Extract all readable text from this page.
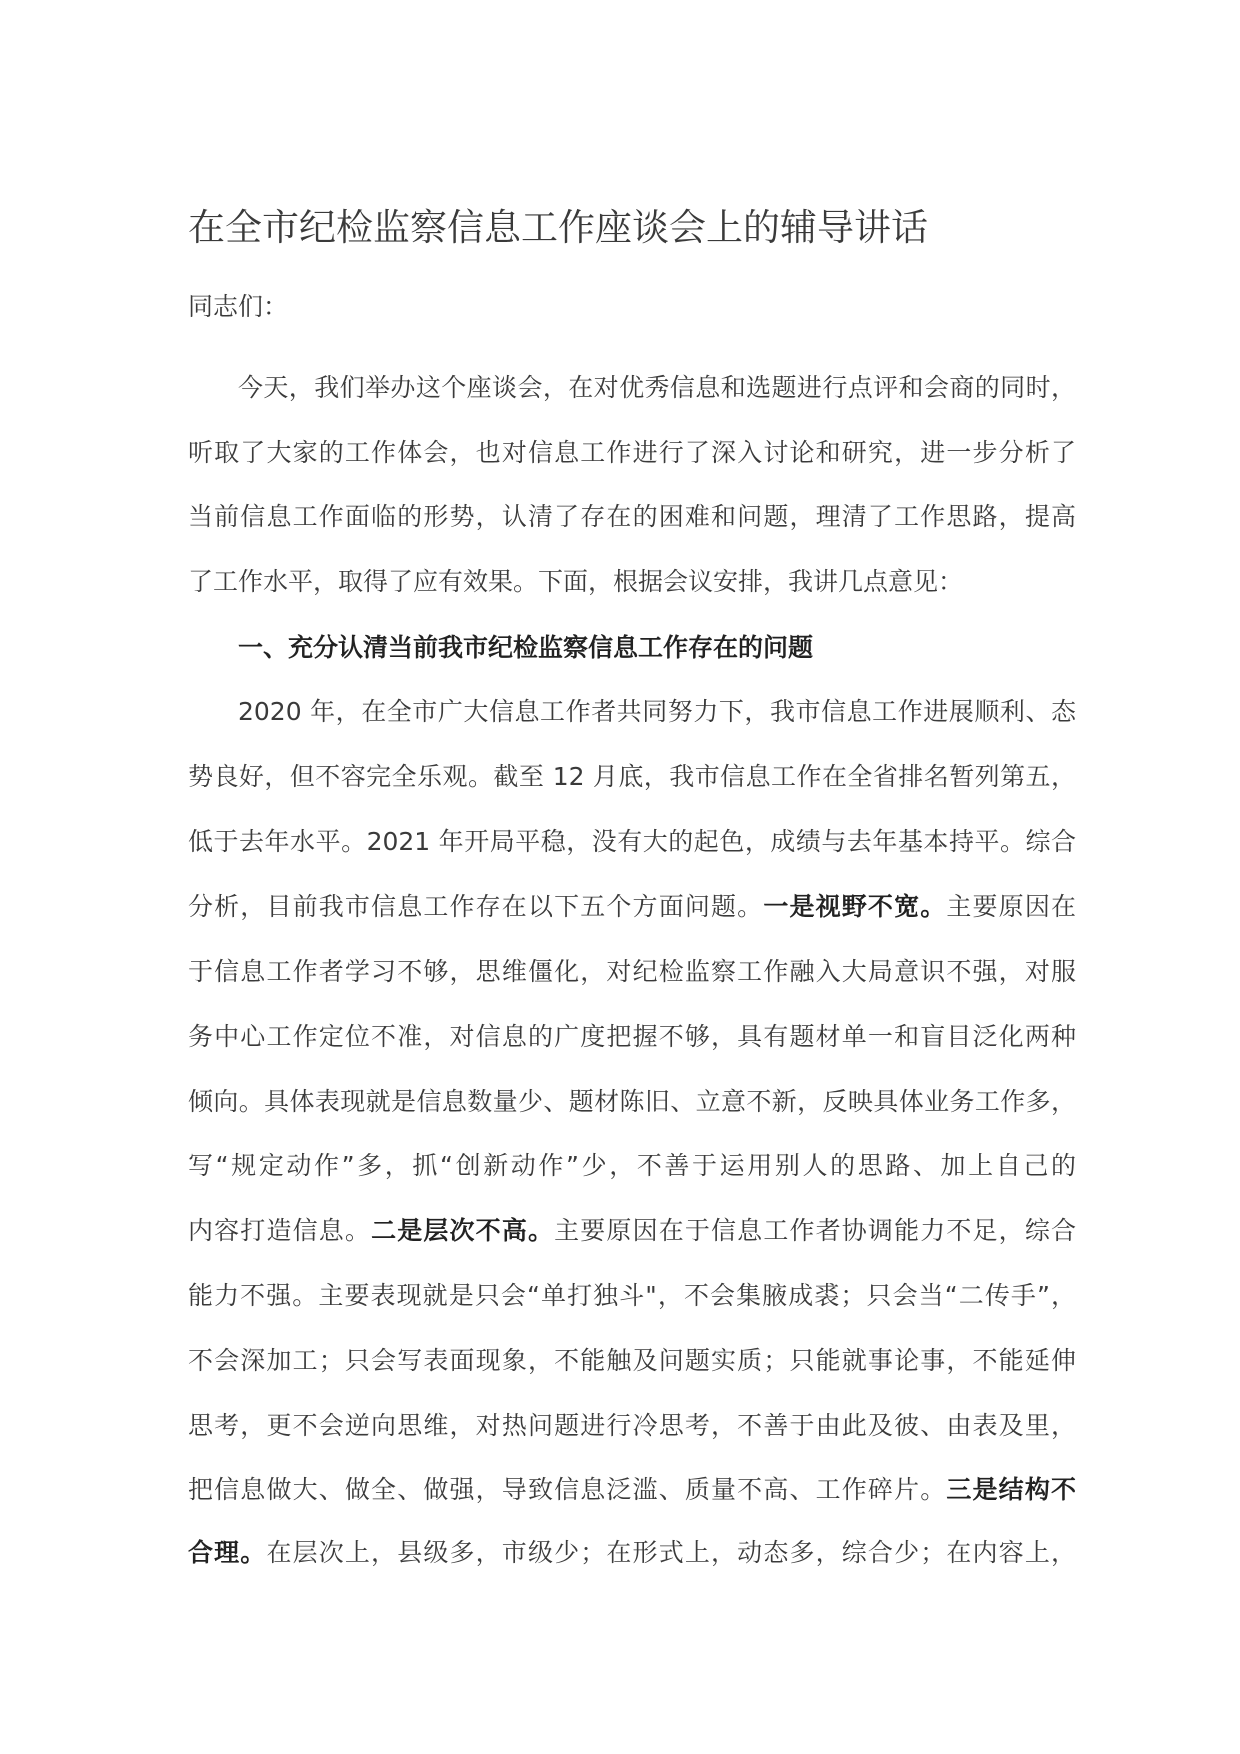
在全市纪检监察信息工作座谈会上的辅导讲话
同志们：
今天，我们举办这个座谈会，在对优秀信息和选题进行点评和会商的同时，
听取了大家的工作体会，也对信息工作进行了深入讨论和研究，进一步分析了
当前信息工作面临的形势，认清了存在的困难和问题，理清了工作思路，提高
了工作水平，取得了应有效果。下面，根据会议安排，我讲几点意见：
一、充分认清当前我市纪检监察信息工作存在的问题
2020 年，在全市广大信息工作者共同努力下，我市信息工作进展顺利、态
势良好，但不容完全乐观。截至 12 月底，我市信息工作在全省排名暂列第五，
低于去年水平。2021 年开局平稳，没有大的起色，成绩与去年基本持平。综合
分析，目前我市信息工作存在以下五个方面问题。一是视野不宽。主要原因在
于信息工作者学习不够，思维僵化，对纪检监察工作融入大局意识不强，对服
务中心工作定位不准，对信息的广度把握不够，具有题材单一和盲目泛化两种
倾向。具体表现就是信息数量少、题材陈旧、立意不新，反映具体业务工作多，
写“规定动作”多，抓“创新动作”少，不善于运用别人的思路、加上自己的
内容打造信息。二是层次不高。主要原因在于信息工作者协调能力不足，综合
能力不强。主要表现就是只会“单打独斗"，不会集腋成裘；只会当“二传手”，
不会深加工；只会写表面现象，不能触及问题实质；只能就事论事，不能延伸
思考，更不会逆向思维，对热问题进行冷思考，不善于由此及彼、由表及里，
把信息做大、做全、做强，导致信息泛滥、质量不高、工作碎片。三是结构不
合理。在层次上，县级多，市级少；在形式上，动态多，综合少；在内容上，
